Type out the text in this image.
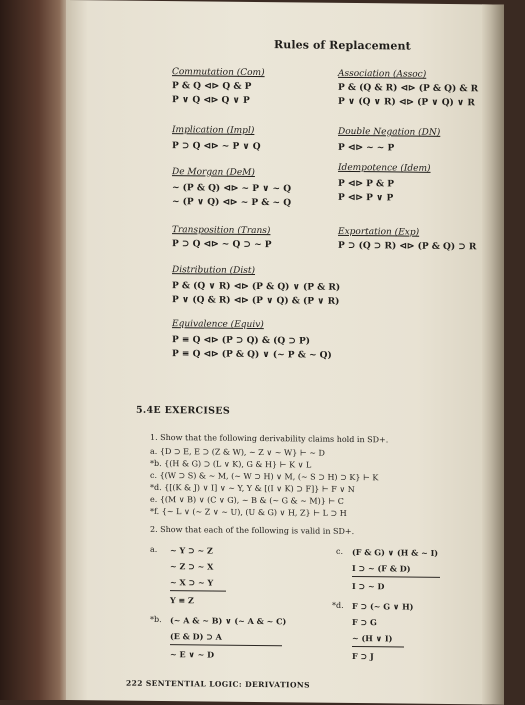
Rules of Replacement
Commutation (Com)
P & Q ⊲⊳ Q & P
P ∨ Q ⊲⊳ Q ∨ P
Implication (Impl)
P ⊃ Q ⊲⊳ ~ P ∨ Q
De Morgan (DeM)
~ (P & Q) ⊲⊳ ~ P ∨ ~ Q
~ (P ∨ Q) ⊲⊳ ~ P & ~ Q
Transposition (Trans)
P ⊃ Q ⊲⊳ ~ Q ⊃ ~ P
Distribution (Dist)
P & (Q ∨ R) ⊲⊳ (P & Q) ∨ (P & R)
P ∨ (Q & R) ⊲⊳ (P ∨ Q) & (P ∨ R)
Equivalence (Equiv)
P ≡ Q ⊲⊳ (P ⊃ Q) & (Q ⊃ P)
P ≡ Q ⊲⊳ (P & Q) ∨ (~ P & ~ Q)
Association (Assoc)
P & (Q & R) ⊲⊳ (P & Q) & R
P ∨ (Q ∨ R) ⊲⊳ (P ∨ Q) ∨ R
Double Negation (DN)
P ⊲⊳ ~ ~ P
Idempotence (Idem)
P ⊲⊳ P & P
P ⊲⊳ P ∨ P
Exportation (Exp)
P ⊃ (Q ⊃ R) ⊲⊳ (P & Q) ⊃ R
5.4E EXERCISES
1. Show that the following derivability claims hold in SD+.
a. {D ⊃ E, E ⊃ (Z & W), ~ Z ∨ ~ W} ⊢ ~ D
*b. {(H & G) ⊃ (L ∨ K), G & H} ⊢ K ∨ L
c. {(W ⊃ S) & ~ M, (~ W ⊃ H) ∨ M, (~ S ⊃ H) ⊃ K} ⊢ K
*d. {[(K & J) ∨ I] ∨ ~ Y, Y & [(I ∨ K) ⊃ F]} ⊢ F ∨ N
e. {(M ∨ B) ∨ (C ∨ G), ~ B & (~ G & ~ M)} ⊢ C
*f. {~ L ∨ (~ Z ∨ ~ U), (U & G) ∨ H, Z} ⊢ L ⊃ H
2. Show that each of the following is valid in SD+.
a. ~ Y ⊃ ~ Z
~ Z ⊃ ~ X
~ X ⊃ ~ Y
Y ≡ Z
*b. (~ A & ~ B) ∨ (~ A & ~ C)
(E & D) ⊃ A
~ E ∨ ~ D
c. (F & G) ∨ (H & ~ I)
I ⊃ ~ (F & D)
I ⊃ ~ D
*d. F ⊃ (~ G ∨ H)
F ⊃ G
~ (H ∨ I)
F ⊃ J
222 SENTENTIAL LOGIC: DERIVATIONS
